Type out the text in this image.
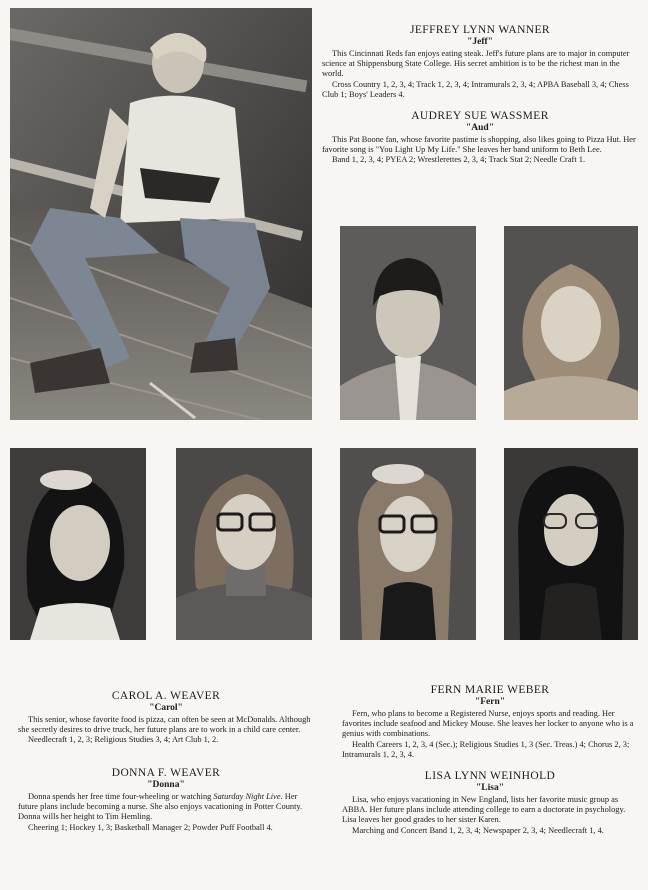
JEFFREY LYNN WANNER
"Jeff"

This Cincinnati Reds fan enjoys eating steak. Jeff's future plans are to major in computer science at Shippensburg State College. His secret ambition is to be the richest man in the world.

Cross Country 1, 2, 3, 4; Track 1, 2, 3, 4; Intramurals 2, 3, 4; APBA Baseball 3, 4; Chess Club 1; Boys' Leaders 4.

AUDREY SUE WASSMER
"Aud"

This Pat Boone fan, whose favorite pastime is shopping, also likes going to Pizza Hut. Her favorite song is "You Light Up My Life." She leaves her band uniform to Beth Lee.

Band 1, 2, 3, 4; PYEA 2; Wrestlerettes 2, 3, 4; Track Stat 2; Needle Craft 1.

CAROL A. WEAVER
"Carol"

This senior, whose favorite food is pizza, can often be seen at McDonalds. Although she secretly desires to drive truck, her future plans are to work in a child care center.

Needlecraft 1, 2, 3; Religious Studies 3, 4; Art Club 1, 2.

DONNA F. WEAVER
"Donna"

Donna spends her free time four-wheeling or watching Saturday Night Live. Her future plans include becoming a nurse. She also enjoys vacationing in Potter County. Donna wills her height to Tim Hemling.

Cheering 1; Hockey 1, 3; Basketball Manager 2; Powder Puff Football 4.

FERN MARIE WEBER
"Fern"

Fern, who plans to become a Registered Nurse, enjoys sports and reading. Her favorites include seafood and Mickey Mouse. She leaves her locker to anyone who is a genius with combinations.

Health Careers 1, 2, 3, 4 (Sec.); Religious Studies 1, 3 (Sec. Treas.) 4; Chorus 2, 3; Intramurals 1, 2, 3, 4.

LISA LYNN WEINHOLD
"Lisa"

Lisa, who enjoys vacationing in New England, lists her favorite music group as ABBA. Her future plans include attending college to earn a doctorate in psychology. Lisa leaves her good grades to her sister Karen.

Marching and Concert Band 1, 2, 3, 4; Newspaper 2, 3, 4; Needlecraft 1, 4.
